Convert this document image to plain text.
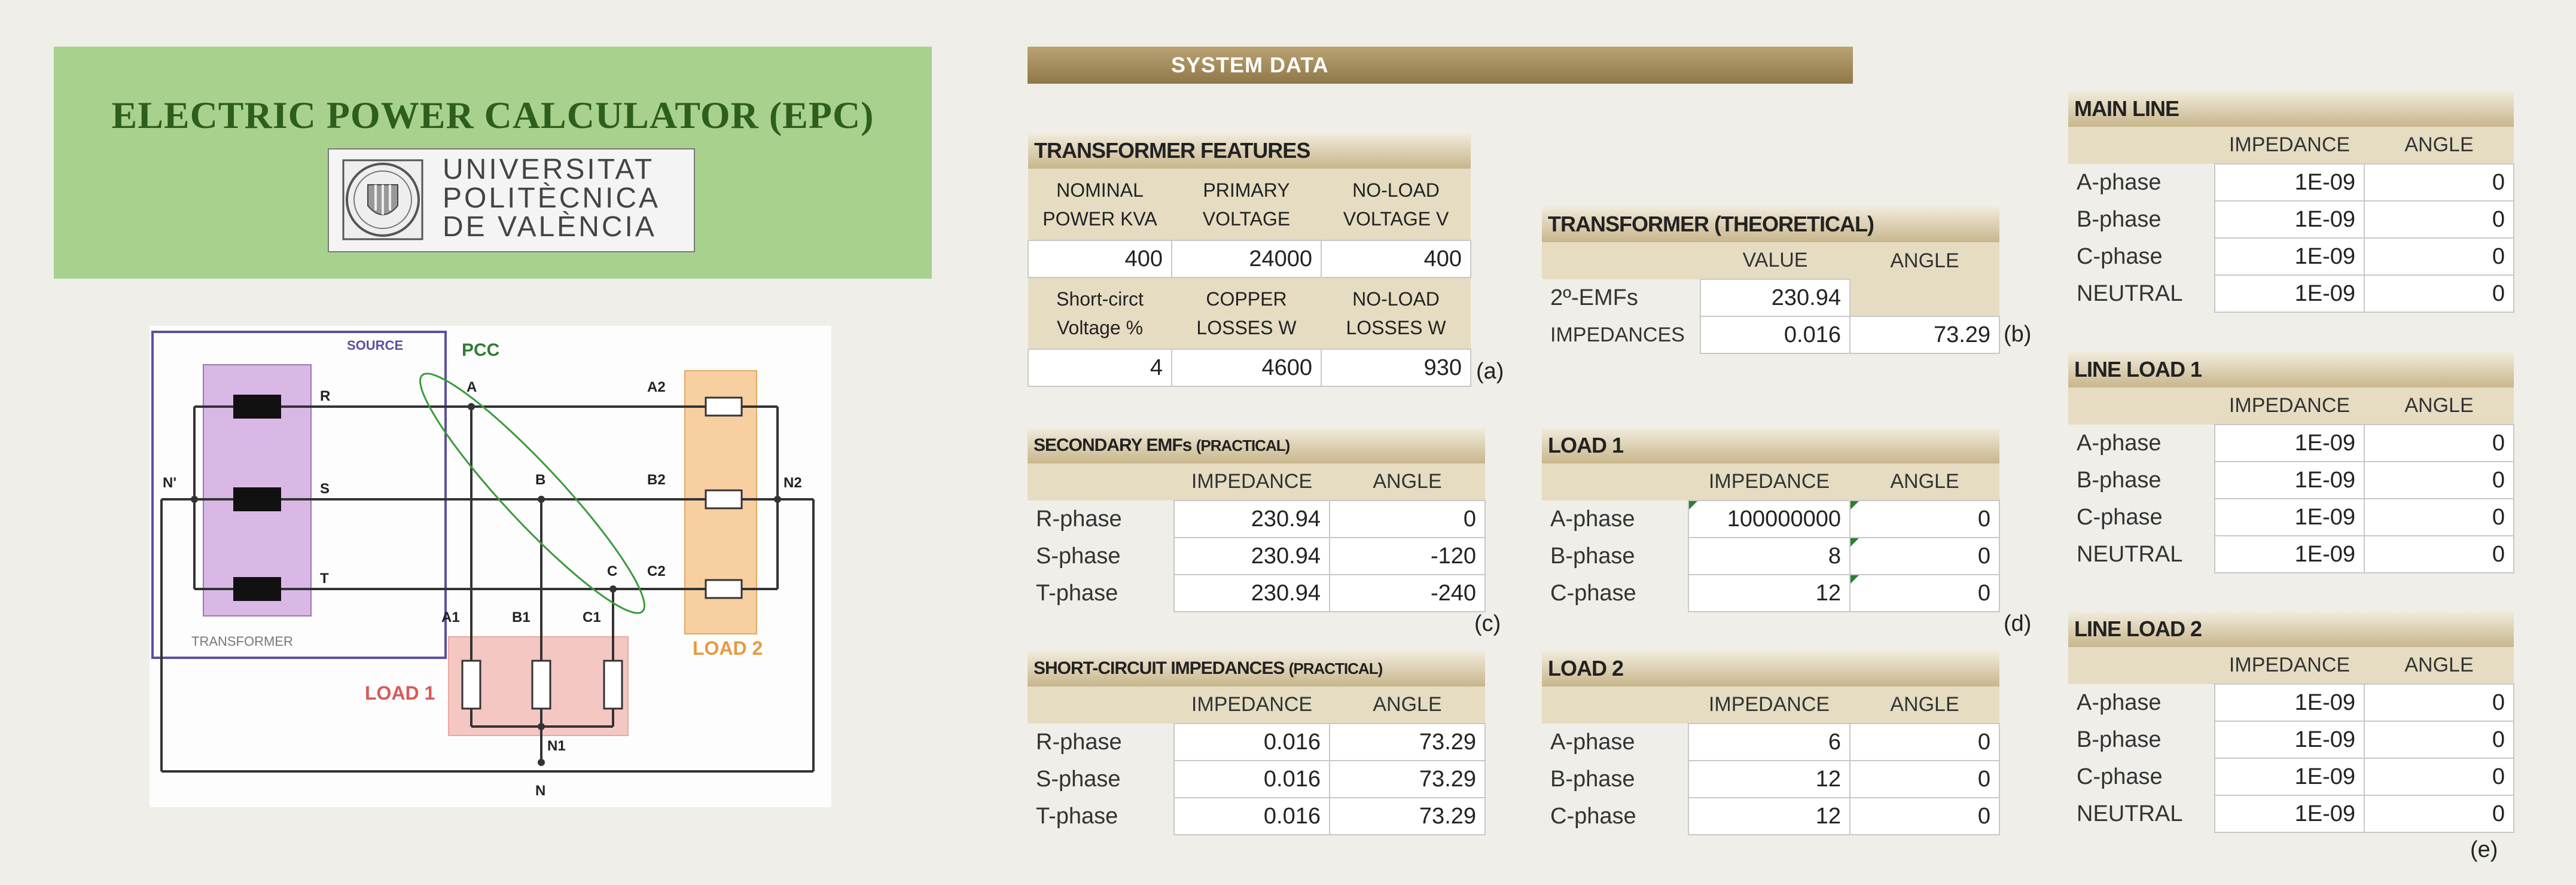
ELECTRIC POWER CALCULATOR (EPC)
UNIVERSITAT
POLITÈCNICA
DE VALÈNCIA
R
S
T
N'
A
B
C
A1	B1	C1
A2
B2
C2
N2
N1
N
SOURCE
TRANSFORMER
PCC
LOAD 1
LOAD 2
SYSTEM DATA
TRANSFORMER FEATURES		
NOMINAL POWER KVA	PRIMARY VOLTAGE	NO-LOAD VOLTAGE V
400	24000	400
Short-circt Voltage %	COPPER LOSSES W	NO-LOAD LOSSES W
4	4600	930 (a)
TRANSFORMER (THEORETICAL)		
	VALUE	ANGLE
2º-EMFs	230.94	
IMPEDANCES	0.016	73.29 (b)
SECONDARY EMFs (PRACTICAL)		
	IMPEDANCE	ANGLE
R-phase	230.94	0
S-phase	230.94	-120
T-phase	230.94	-240
(c)
SHORT-CIRCUIT IMPEDANCES (PRACTICAL)		
	IMPEDANCE	ANGLE
R-phase	0.016	73.29
S-phase	0.016	73.29
T-phase	0.016	73.29
LOAD 1		
	IMPEDANCE	ANGLE
A-phase	100000000	0
B-phase	8	0
C-phase	12	0
(d)
LOAD 2		
	IMPEDANCE	ANGLE
A-phase	6	0
B-phase	12	0
C-phase	12	0
MAIN LINE		
	IMPEDANCE	ANGLE
A-phase	1E-09	0
B-phase	1E-09	0
C-phase	1E-09	0
NEUTRAL	1E-09	0
LINE LOAD 1		
	IMPEDANCE	ANGLE
A-phase	1E-09	0
B-phase	1E-09	0
C-phase	1E-09	0
NEUTRAL	1E-09	0
LINE LOAD 2		
	IMPEDANCE	ANGLE
A-phase	1E-09	0
B-phase	1E-09	0
C-phase	1E-09	0
NEUTRAL	1E-09	0
(e)
